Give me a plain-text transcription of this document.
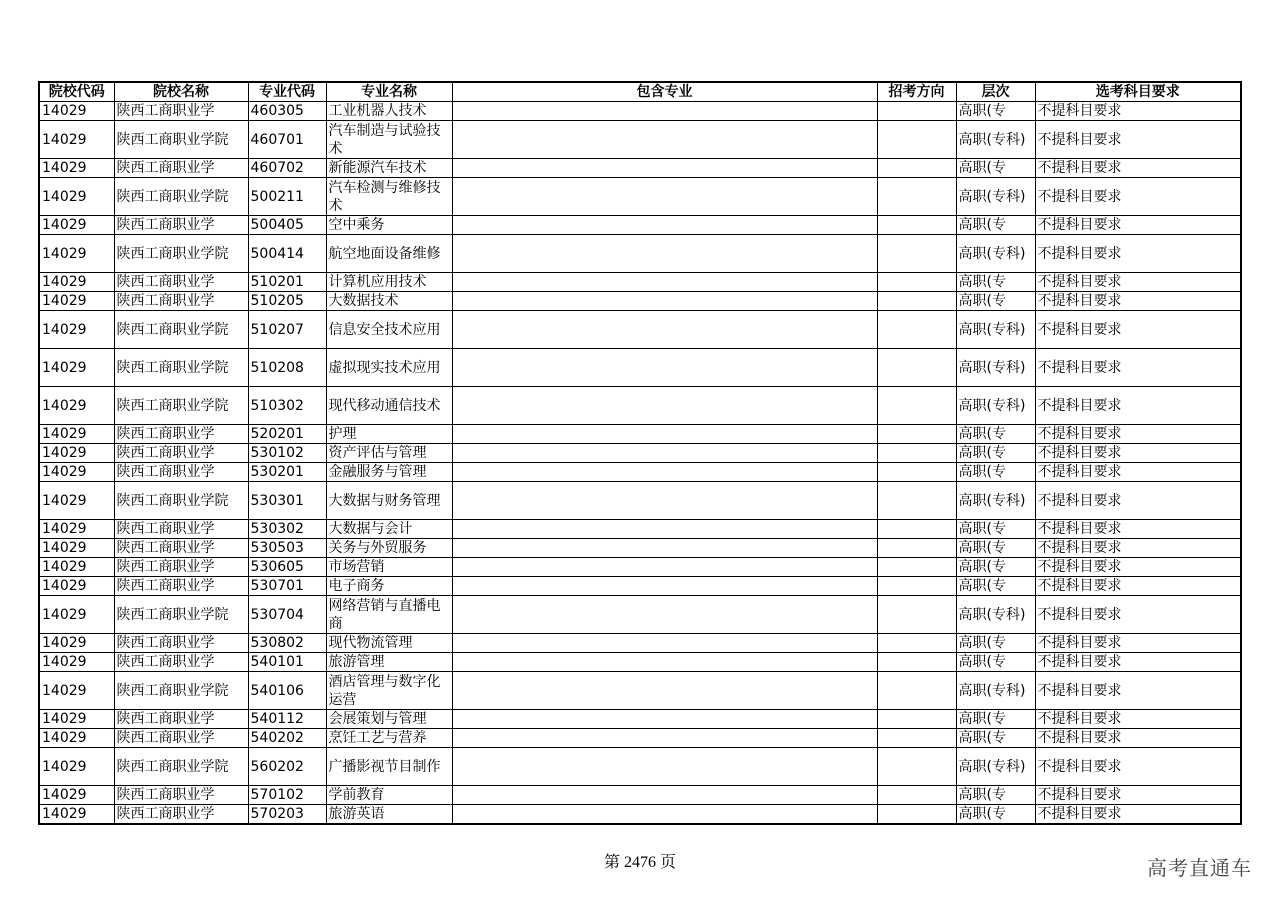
院校代码	院校名称	专业代码	专业名称	包含专业	招考方向	层次	选考科目要求
14029	陕西工商职业学	460305	工业机器人技术			高职(专	不提科目要求
14029	陕西工商职业学院	460701	汽车制造与试验技术			高职(专科)	不提科目要求
14029	陕西工商职业学	460702	新能源汽车技术			高职(专	不提科目要求
14029	陕西工商职业学院	500211	汽车检测与维修技术			高职(专科)	不提科目要求
14029	陕西工商职业学	500405	空中乘务			高职(专	不提科目要求
14029	陕西工商职业学院	500414	航空地面设备维修			高职(专科)	不提科目要求
14029	陕西工商职业学	510201	计算机应用技术			高职(专	不提科目要求
14029	陕西工商职业学	510205	大数据技术			高职(专	不提科目要求
14029	陕西工商职业学院	510207	信息安全技术应用			高职(专科)	不提科目要求
14029	陕西工商职业学院	510208	虚拟现实技术应用			高职(专科)	不提科目要求
14029	陕西工商职业学院	510302	现代移动通信技术			高职(专科)	不提科目要求
14029	陕西工商职业学	520201	护理			高职(专	不提科目要求
14029	陕西工商职业学	530102	资产评估与管理			高职(专	不提科目要求
14029	陕西工商职业学	530201	金融服务与管理			高职(专	不提科目要求
14029	陕西工商职业学院	530301	大数据与财务管理			高职(专科)	不提科目要求
14029	陕西工商职业学	530302	大数据与会计			高职(专	不提科目要求
14029	陕西工商职业学	530503	关务与外贸服务			高职(专	不提科目要求
14029	陕西工商职业学	530605	市场营销			高职(专	不提科目要求
14029	陕西工商职业学	530701	电子商务			高职(专	不提科目要求
14029	陕西工商职业学院	530704	网络营销与直播电商			高职(专科)	不提科目要求
14029	陕西工商职业学	530802	现代物流管理			高职(专	不提科目要求
14029	陕西工商职业学	540101	旅游管理			高职(专	不提科目要求
14029	陕西工商职业学院	540106	酒店管理与数字化运营			高职(专科)	不提科目要求
14029	陕西工商职业学	540112	会展策划与管理			高职(专	不提科目要求
14029	陕西工商职业学	540202	烹饪工艺与营养			高职(专	不提科目要求
14029	陕西工商职业学院	560202	广播影视节目制作			高职(专科)	不提科目要求
14029	陕西工商职业学	570102	学前教育			高职(专	不提科目要求
14029	陕西工商职业学	570203	旅游英语			高职(专	不提科目要求
第 2476 页	高考直通车
